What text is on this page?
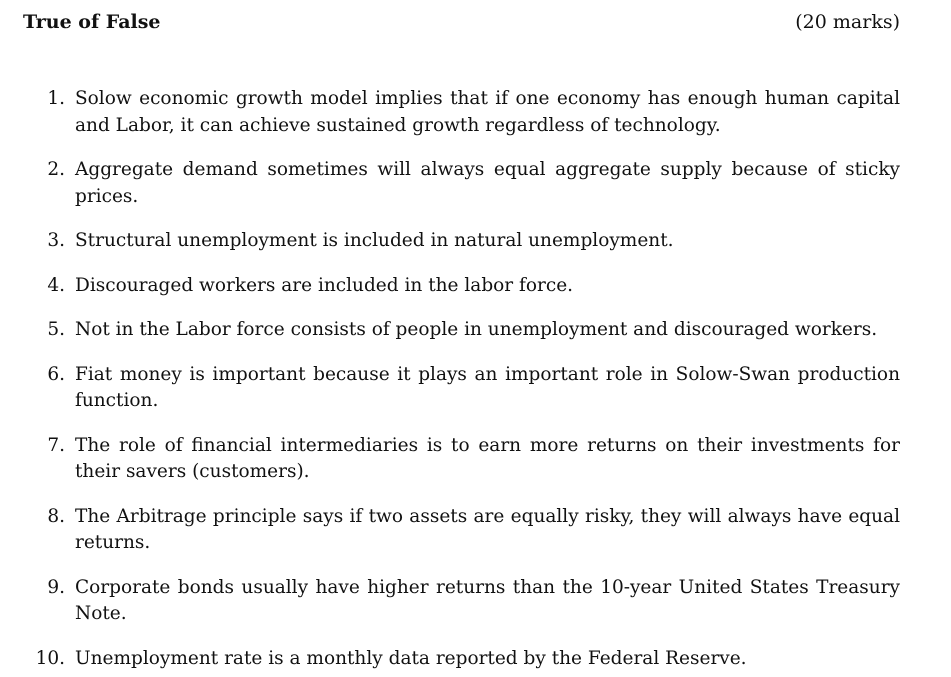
True of False	(20 marks)
1. Solow economic growth model implies that if one economy has enough human capital and Labor, it can achieve sustained growth regardless of technology.
2. Aggregate demand sometimes will always equal aggregate supply because of sticky prices.
3. Structural unemployment is included in natural unemployment.
4. Discouraged workers are included in the labor force.
5. Not in the Labor force consists of people in unemployment and discouraged workers.
6. Fiat money is important because it plays an important role in Solow-Swan production function.
7. The role of financial intermediaries is to earn more returns on their investments for their savers (customers).
8. The Arbitrage principle says if two assets are equally risky, they will always have equal returns.
9. Corporate bonds usually have higher returns than the 10-year United States Treasury Note.
10. Unemployment rate is a monthly data reported by the Federal Reserve.
